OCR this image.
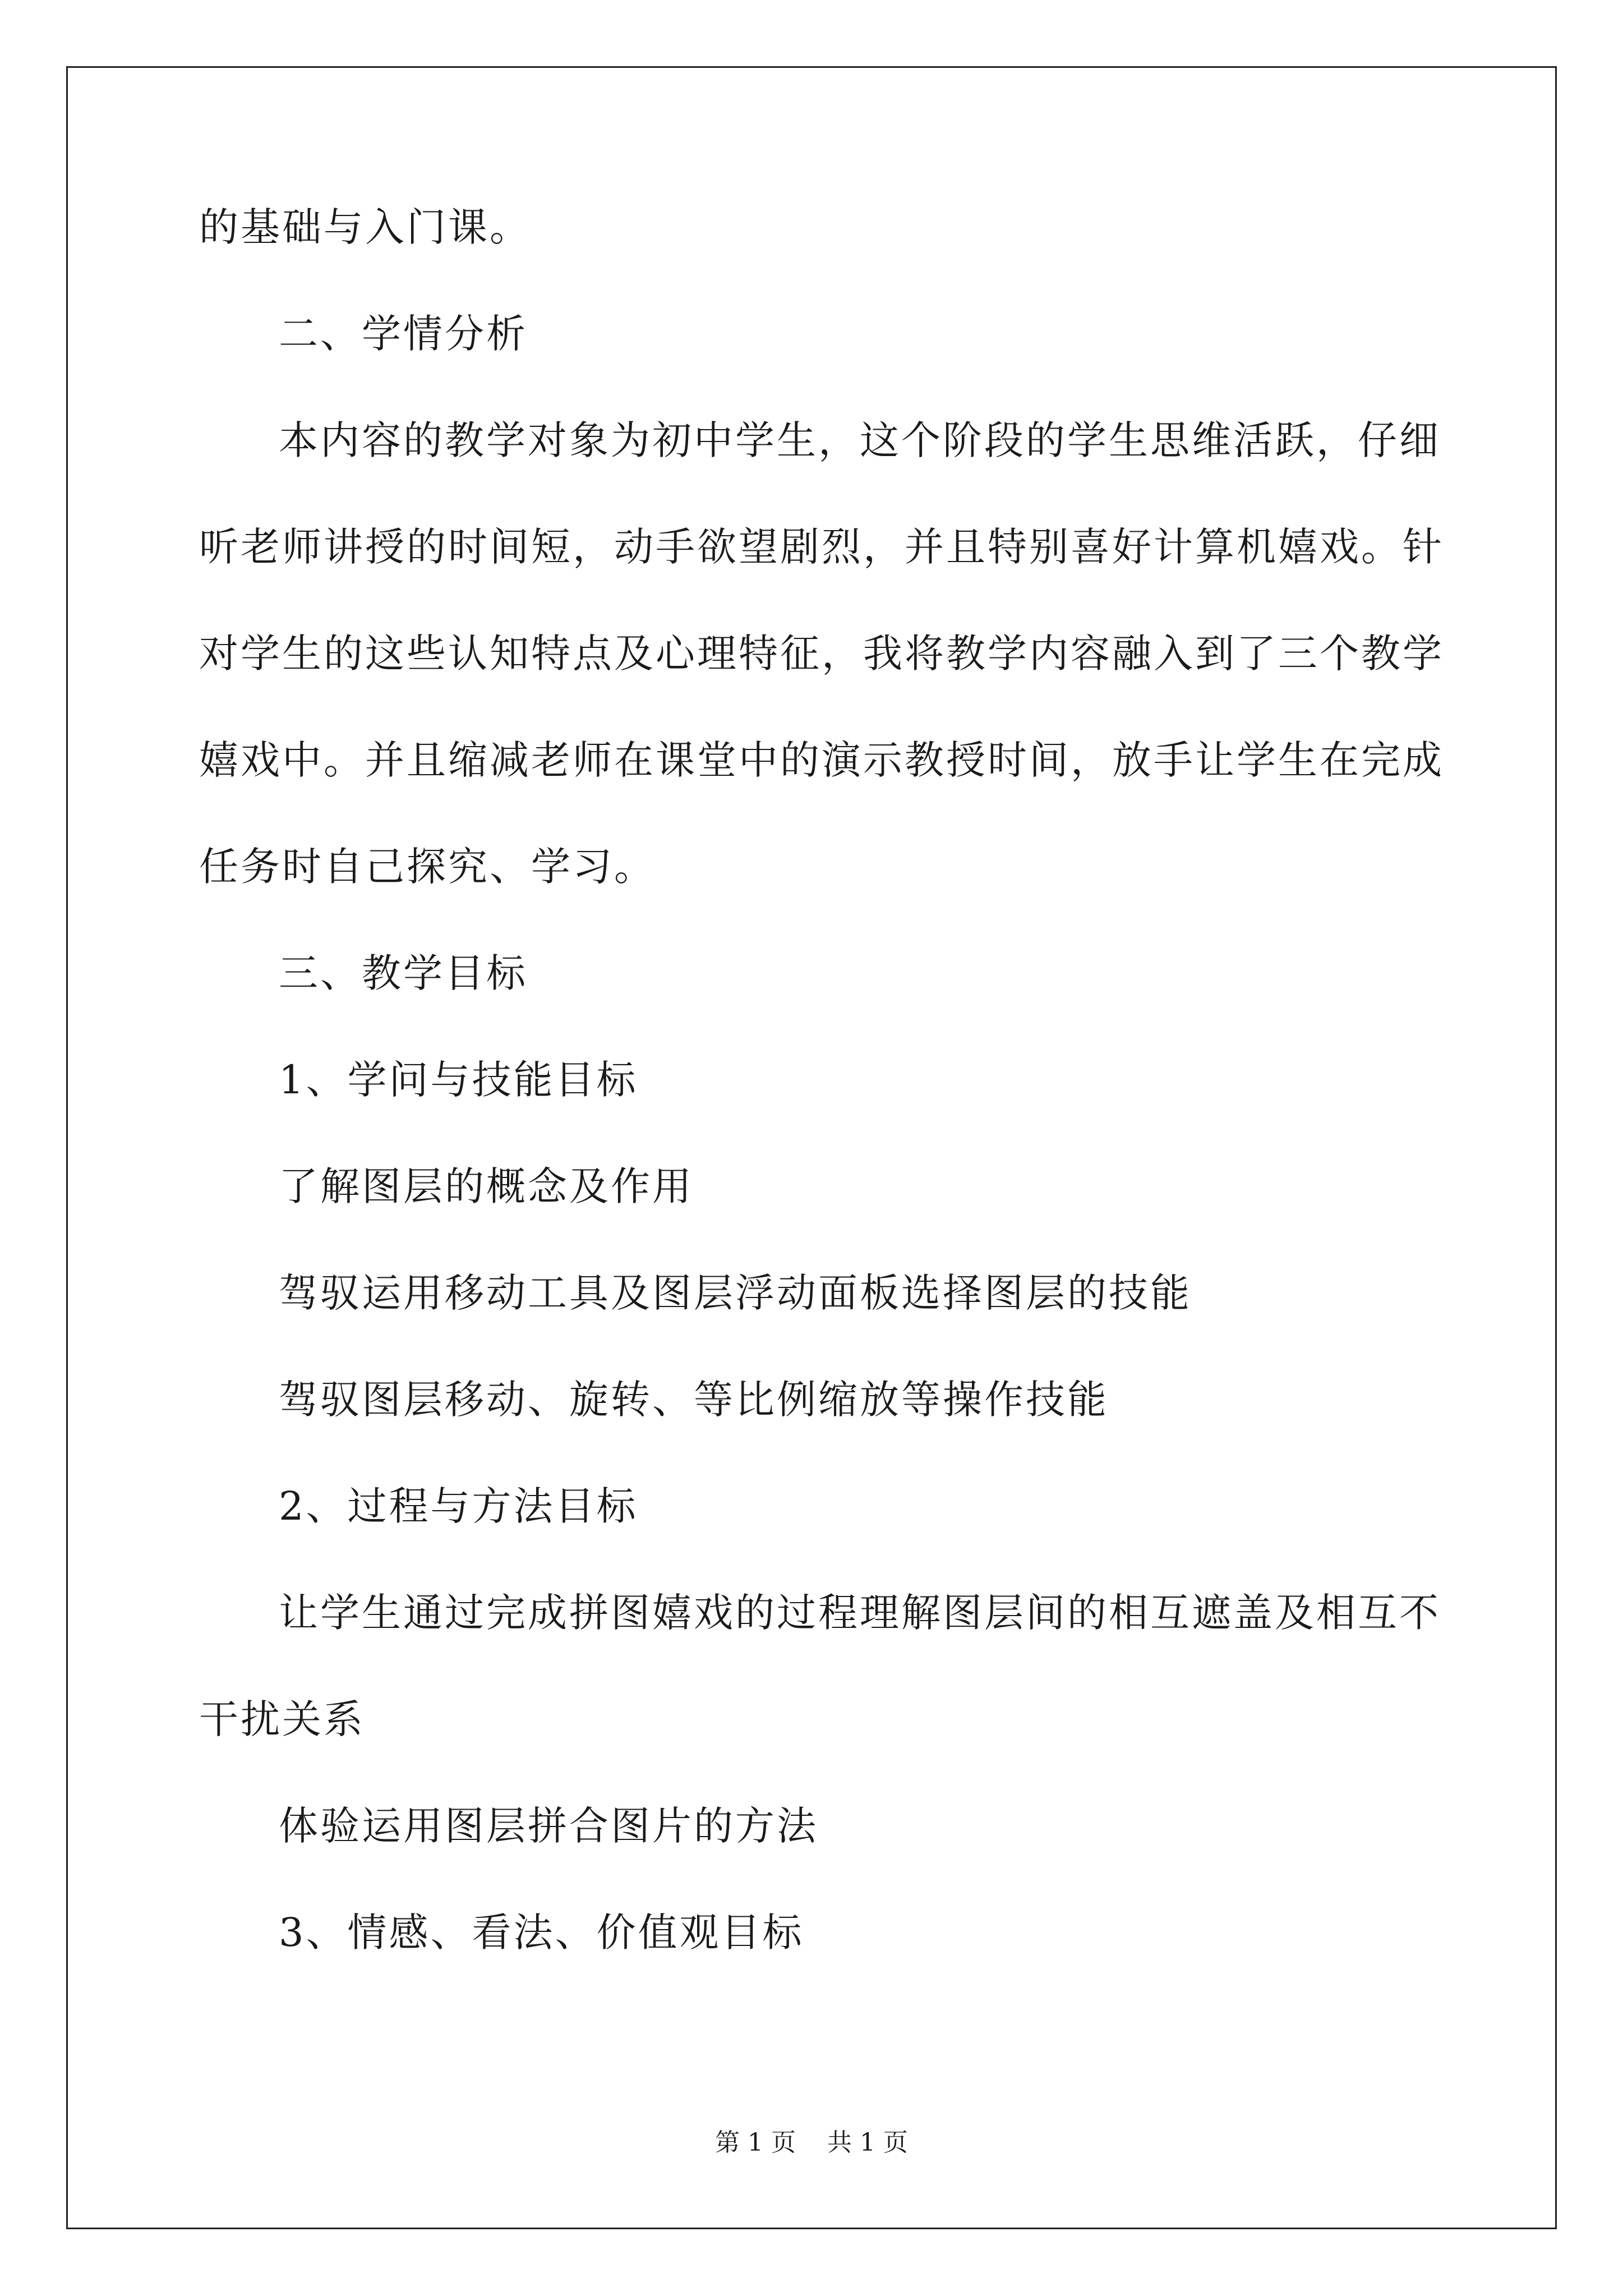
的基础与入门课。
二、学情分析
本内容的教学对象为初中学生，这个阶段的学生思维活跃，仔细
听老师讲授的时间短，动手欲望剧烈，并且特别喜好计算机嬉戏。针
对学生的这些认知特点及心理特征，我将教学内容融入到了三个教学
嬉戏中。并且缩减老师在课堂中的演示教授时间，放手让学生在完成
任务时自己探究、学习。
三、教学目标
1、学问与技能目标
了解图层的概念及作用
驾驭运用移动工具及图层浮动面板选择图层的技能
驾驭图层移动、旋转、等比例缩放等操作技能
2、过程与方法目标
让学生通过完成拼图嬉戏的过程理解图层间的相互遮盖及相互不
干扰关系
体验运用图层拼合图片的方法
3、情感、看法、价值观目标
第 1 页    共 1 页
